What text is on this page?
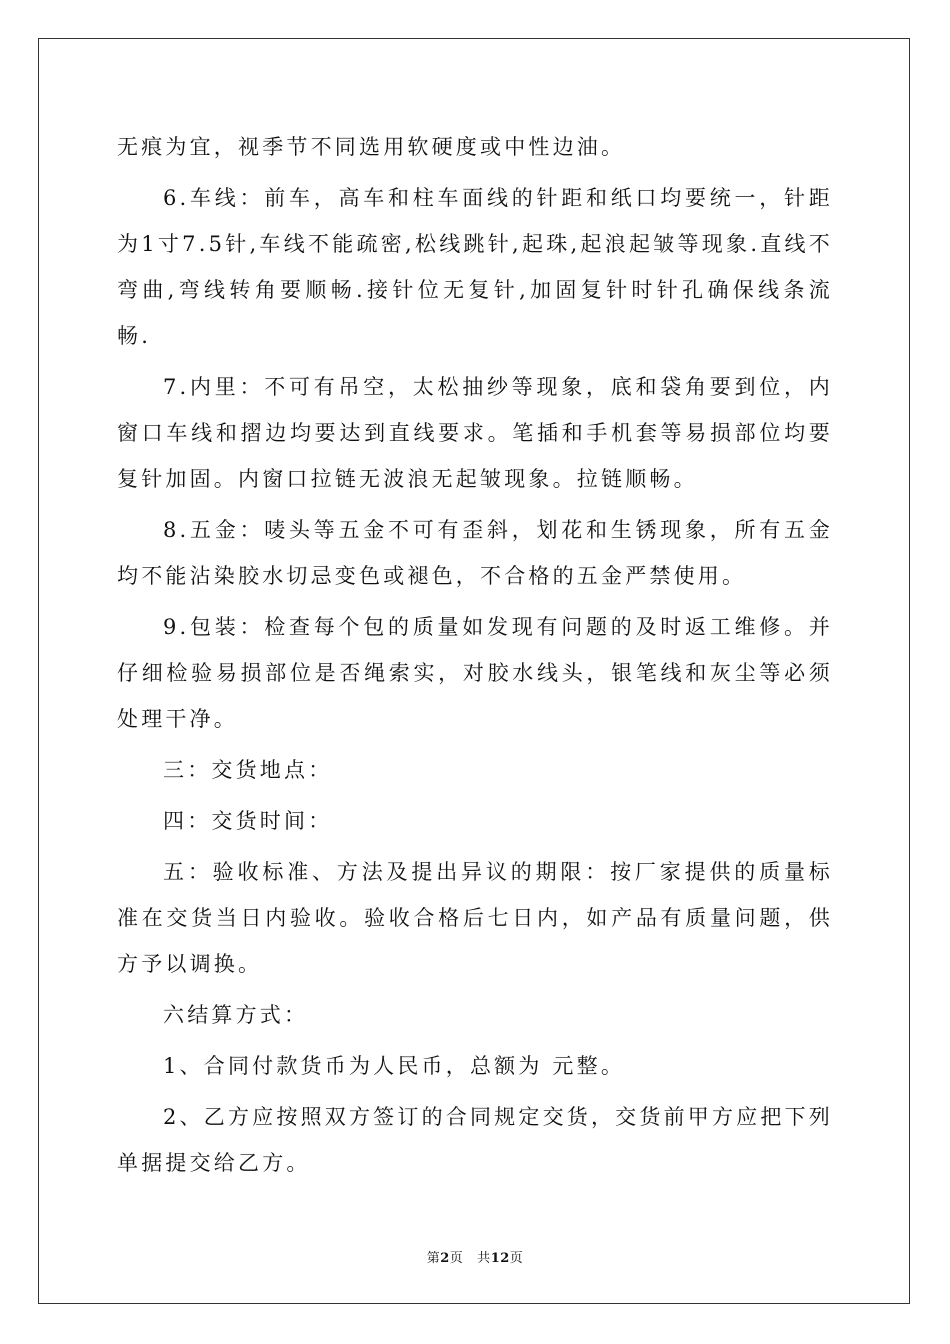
无痕为宜，视季节不同选用软硬度或中性边油。

6.车线：前车，高车和柱车面线的针距和纸口均要统一，针距为1寸7.5针,车线不能疏密,松线跳针,起珠,起浪起皱等现象.直线不弯曲,弯线转角要顺畅.接针位无复针,加固复针时针孔确保线条流畅.

7.内里：不可有吊空，太松抽纱等现象，底和袋角要到位，内窗口车线和摺边均要达到直线要求。笔插和手机套等易损部位均要复针加固。内窗口拉链无波浪无起皱现象。拉链顺畅。

8.五金：唛头等五金不可有歪斜，划花和生锈现象，所有五金均不能沾染胶水切忌变色或褪色，不合格的五金严禁使用。

9.包装：检查每个包的质量如发现有问题的及时返工维修。并仔细检验易损部位是否绳索实，对胶水线头，银笔线和灰尘等必须处理干净。

三：交货地点：

四：交货时间：

五：验收标准、方法及提出异议的期限：按厂家提供的质量标准在交货当日内验收。验收合格后七日内，如产品有质量问题，供方予以调换。

六结算方式：

1、合同付款货币为人民币，总额为 元整。

2、乙方应按照双方签订的合同规定交货，交货前甲方应把下列单据提交给乙方。

第2页 共12页
